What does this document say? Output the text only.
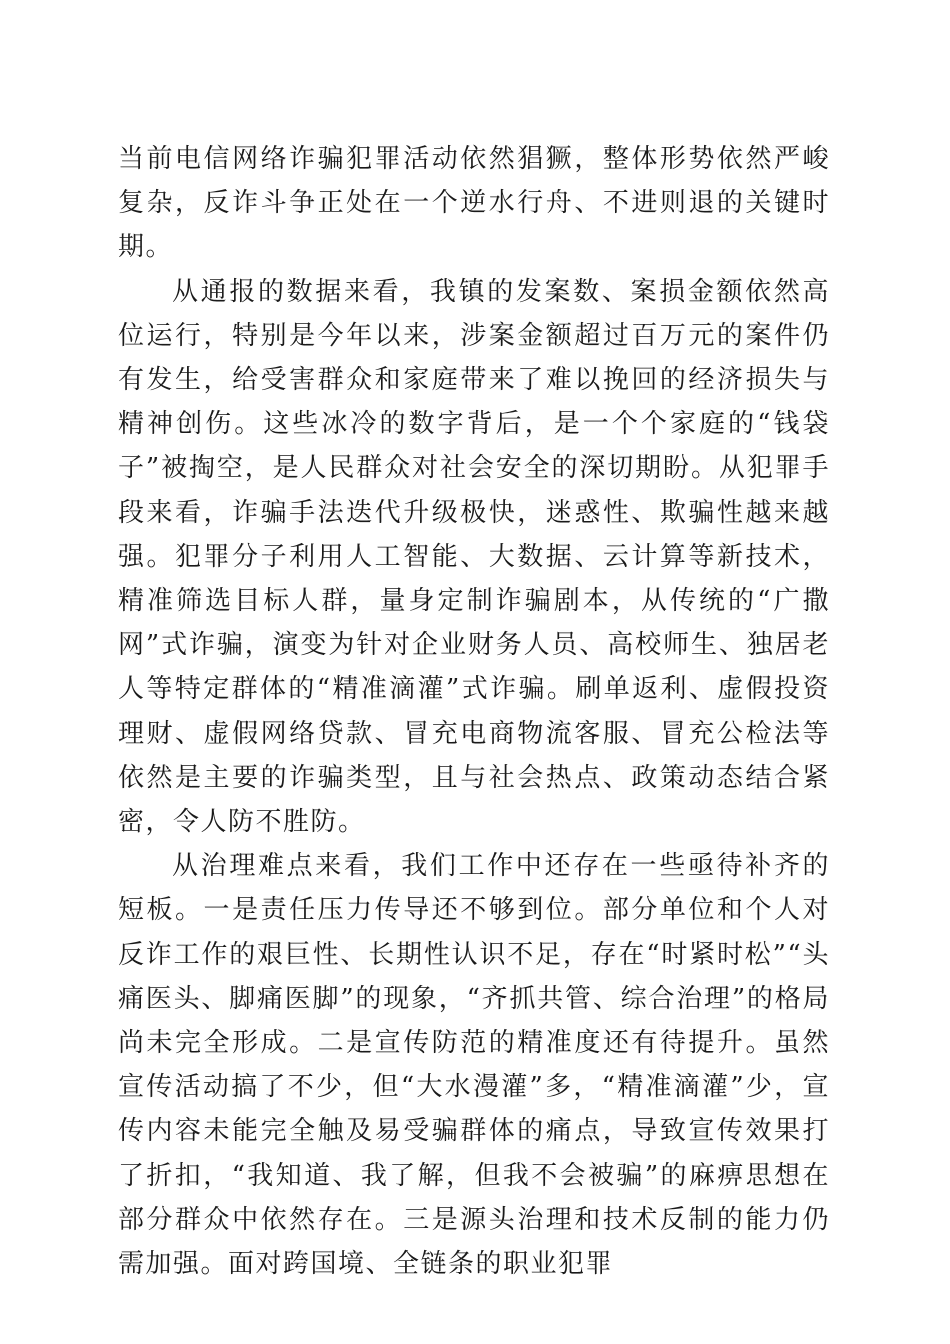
当前电信网络诈骗犯罪活动依然猖獗，整体形势依然严峻复杂，反诈斗争正处在一个逆水行舟、不进则退的关键时期。

从通报的数据来看，我镇的发案数、案损金额依然高位运行，特别是今年以来，涉案金额超过百万元的案件仍有发生，给受害群众和家庭带来了难以挽回的经济损失与精神创伤。这些冰冷的数字背后，是一个个家庭的“钱袋子”被掏空，是人民群众对社会安全的深切期盼。从犯罪手段来看，诈骗手法迭代升级极快，迷惑性、欺骗性越来越强。犯罪分子利用人工智能、大数据、云计算等新技术，精准筛选目标人群，量身定制诈骗剧本，从传统的“广撒网”式诈骗，演变为针对企业财务人员、高校师生、独居老人等特定群体的“精准滴灌”式诈骗。刷单返利、虚假投资理财、虚假网络贷款、冒充电商物流客服、冒充公检法等依然是主要的诈骗类型，且与社会热点、政策动态结合紧密，令人防不胜防。

从治理难点来看，我们工作中还存在一些亟待补齐的短板。一是责任压力传导还不够到位。部分单位和个人对反诈工作的艰巨性、长期性认识不足，存在“时紧时松”“头痛医头、脚痛医脚”的现象，“齐抓共管、综合治理”的格局尚未完全形成。二是宣传防范的精准度还有待提升。虽然宣传活动搞了不少，但“大水漫灌”多，“精准滴灌”少，宣传内容未能完全触及易受骗群体的痛点，导致宣传效果打了折扣，“我知道、我了解，但我不会被骗”的麻痹思想在部分群众中依然存在。三是源头治理和技术反制的能力仍需加强。面对跨国境、全链条的职业犯罪
